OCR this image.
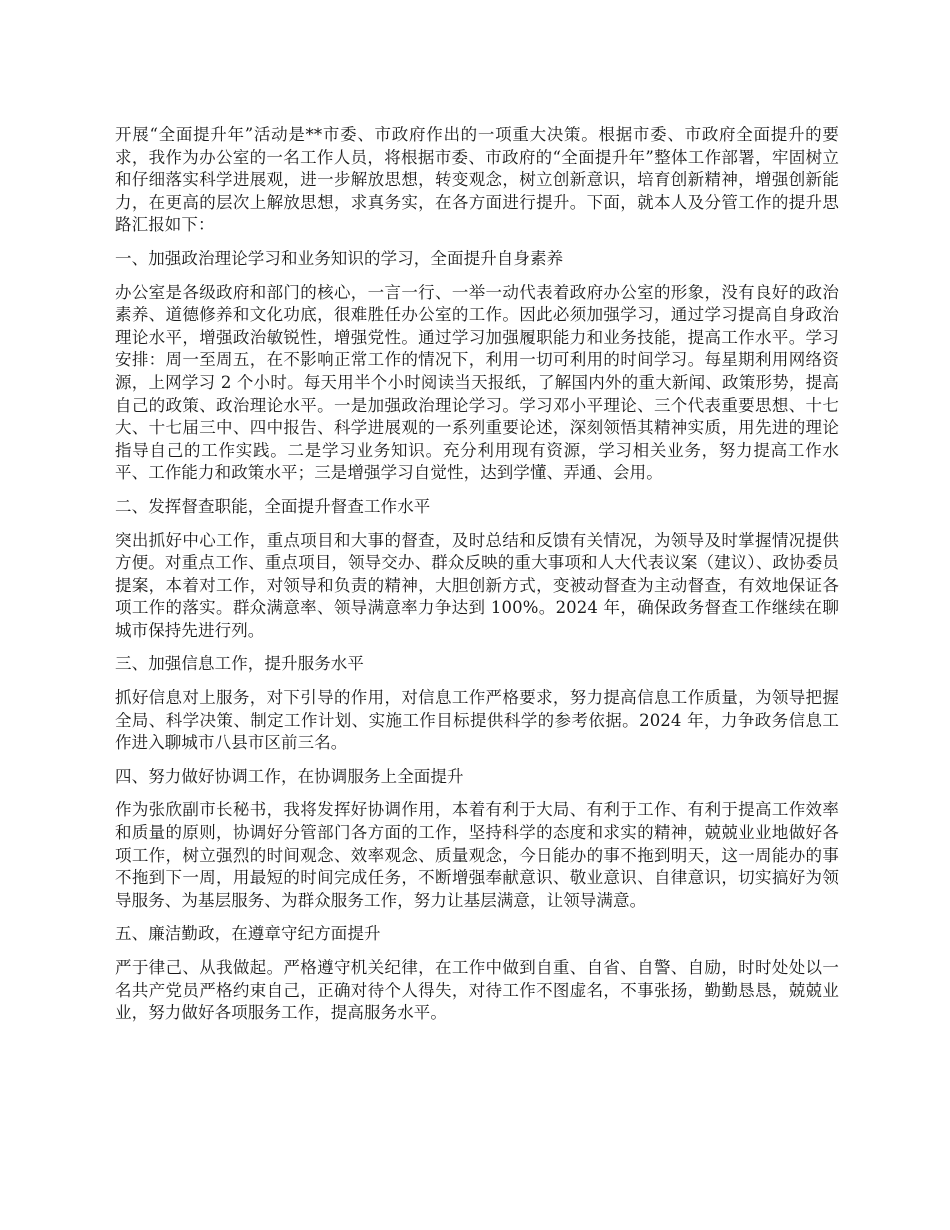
开展“全面提升年”活动是**市委、市政府作出的一项重大决策。根据市委、市政府全面提升的要求，我作为办公室的一名工作人员，将根据市委、市政府的“全面提升年”整体工作部署，牢固树立和仔细落实科学进展观，进一步解放思想，转变观念，树立创新意识，培育创新精神，增强创新能力，在更高的层次上解放思想，求真务实，在各方面进行提升。下面，就本人及分管工作的提升思路汇报如下：

一、加强政治理论学习和业务知识的学习，全面提升自身素养

办公室是各级政府和部门的核心，一言一行、一举一动代表着政府办公室的形象，没有良好的政治素养、道德修养和文化功底，很难胜任办公室的工作。因此必须加强学习，通过学习提高自身政治理论水平，增强政治敏锐性，增强党性。通过学习加强履职能力和业务技能，提高工作水平。学习安排：周一至周五，在不影响正常工作的情况下，利用一切可利用的时间学习。每星期利用网络资源，上网学习 2 个小时。每天用半个小时阅读当天报纸，了解国内外的重大新闻、政策形势，提高自己的政策、政治理论水平。一是加强政治理论学习。学习邓小平理论、三个代表重要思想、十七大、十七届三中、四中报告、科学进展观的一系列重要论述，深刻领悟其精神实质，用先进的理论指导自己的工作实践。二是学习业务知识。充分利用现有资源，学习相关业务，努力提高工作水平、工作能力和政策水平；三是增强学习自觉性，达到学懂、弄通、会用。

二、发挥督查职能，全面提升督查工作水平

突出抓好中心工作，重点项目和大事的督查，及时总结和反馈有关情况，为领导及时掌握情况提供方便。对重点工作、重点项目，领导交办、群众反映的重大事项和人大代表议案（建议）、政协委员提案，本着对工作，对领导和负责的精神，大胆创新方式，变被动督查为主动督查，有效地保证各项工作的落实。群众满意率、领导满意率力争达到 100%。2024 年，确保政务督查工作继续在聊城市保持先进行列。

三、加强信息工作，提升服务水平

抓好信息对上服务，对下引导的作用，对信息工作严格要求，努力提高信息工作质量，为领导把握全局、科学决策、制定工作计划、实施工作目标提供科学的参考依据。2024 年，力争政务信息工作进入聊城市八县市区前三名。

四、努力做好协调工作，在协调服务上全面提升

作为张欣副市长秘书，我将发挥好协调作用，本着有利于大局、有利于工作、有利于提高工作效率和质量的原则，协调好分管部门各方面的工作，坚持科学的态度和求实的精神，兢兢业业地做好各项工作，树立强烈的时间观念、效率观念、质量观念，今日能办的事不拖到明天，这一周能办的事不拖到下一周，用最短的时间完成任务，不断增强奉献意识、敬业意识、自律意识，切实搞好为领导服务、为基层服务、为群众服务工作，努力让基层满意，让领导满意。

五、廉洁勤政，在遵章守纪方面提升

严于律己、从我做起。严格遵守机关纪律，在工作中做到自重、自省、自警、自励，时时处处以一名共产党员严格约束自己，正确对待个人得失，对待工作不图虚名，不事张扬，勤勤恳恳，兢兢业业，努力做好各项服务工作，提高服务水平。
